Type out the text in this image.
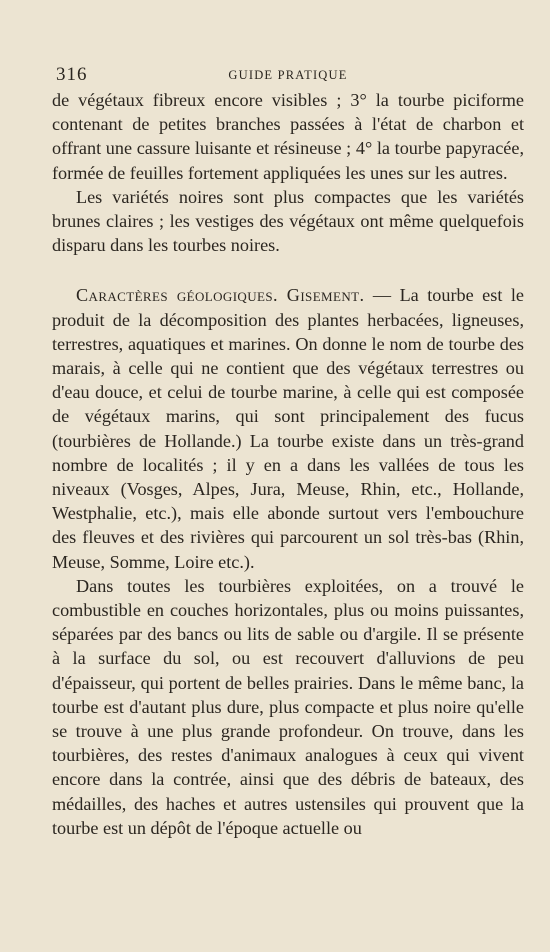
316	GUIDE PRATIQUE

de végétaux fibreux encore visibles ; 3° la tourbe piciforme contenant de petites branches passées à l'état de charbon et offrant une cassure luisante et résineuse ; 4° la tourbe papyracée, formée de feuilles fortement appliquées les unes sur les autres.

Les variétés noires sont plus compactes que les variétés brunes claires ; les vestiges des végétaux ont même quelquefois disparu dans les tourbes noires.

Caractères géologiques. Gisement. — La tourbe est le produit de la décomposition des plantes herbacées, ligneuses, terrestres, aquatiques et marines. On donne le nom de tourbe des marais, à celle qui ne contient que des végétaux terrestres ou d'eau douce, et celui de tourbe marine, à celle qui est composée de végétaux marins, qui sont principalement des fucus (tourbières de Hollande.) La tourbe existe dans un très-grand nombre de localités ; il y en a dans les vallées de tous les niveaux (Vosges, Alpes, Jura, Meuse, Rhin, etc., Hollande, Westphalie, etc.), mais elle abonde surtout vers l'embouchure des fleuves et des rivières qui parcourent un sol très-bas (Rhin, Meuse, Somme, Loire etc.).

Dans toutes les tourbières exploitées, on a trouvé le combustible en couches horizontales, plus ou moins puissantes, séparées par des bancs ou lits de sable ou d'argile. Il se présente à la surface du sol, ou est recouvert d'alluvions de peu d'épaisseur, qui portent de belles prairies. Dans le même banc, la tourbe est d'autant plus dure, plus compacte et plus noire qu'elle se trouve à une plus grande profondeur. On trouve, dans les tourbières, des restes d'animaux analogues à ceux qui vivent encore dans la contrée, ainsi que des débris de bateaux, des médailles, des haches et autres ustensiles qui prouvent que la tourbe est un dépôt de l'époque actuelle ou
